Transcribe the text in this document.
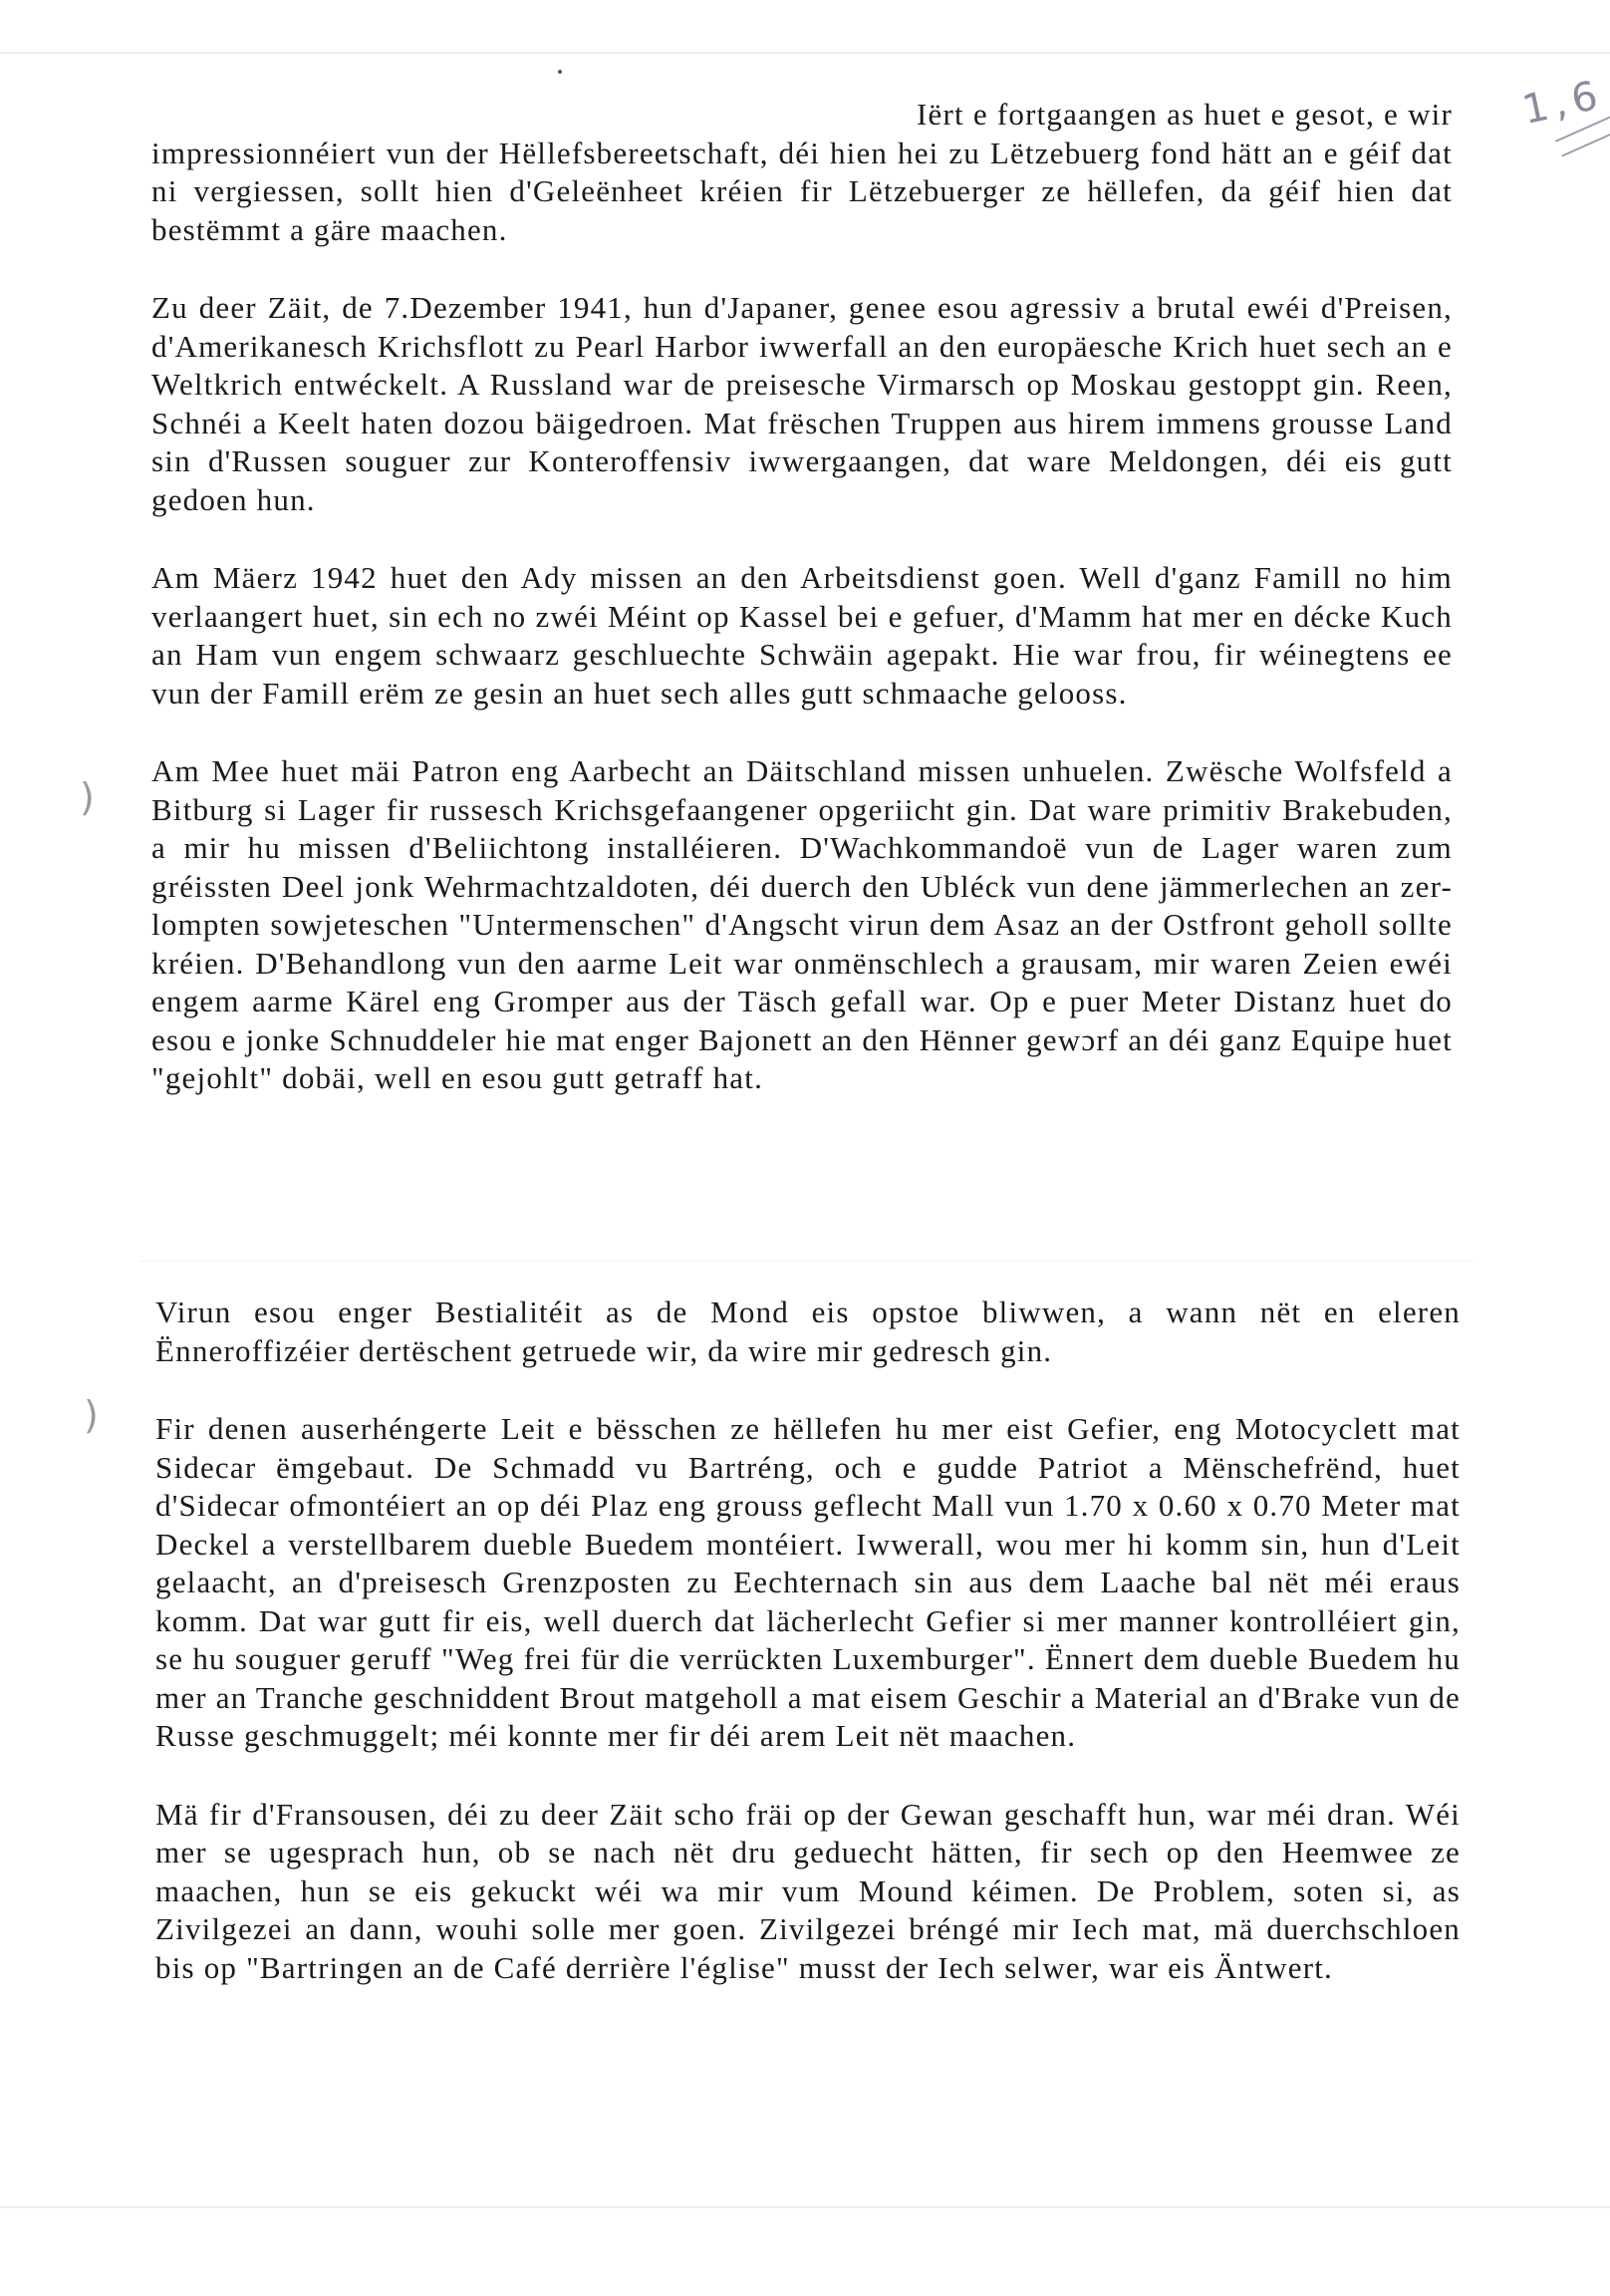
1,6
)
)

Iërt e fortgaangen as huet e gesot, e wir impressionnéiert vun der Hëllefsbereetschaft, déi hien hei zu Lëtzebuerg fond hätt an e géif dat ni vergiessen, sollt hien d'Geleënheet kréien fir Lëtzebuerger ze hëllefen, da géif hien dat bestëmmt a gäre maachen.

Zu deer Zäit, de 7.Dezember 1941, hun d'Japaner, genee esou agressiv a brutal ewéi d'Preisen, d'Amerikanesch Krichsflott zu Pearl Harbor iwwerfall an den europäesche Krich huet sech an e Weltkrich entwéckelt. A Russland war de preisesche Virmarsch op Moskau gestoppt gin. Reen, Schnéi a Keelt haten dozou bäigedroen. Mat frëschen Truppen aus hirem immens grousse Land sin d'Russen souguer zur Konteroffensiv iwwergaangen, dat ware Meldongen, déi eis gutt gedoen hun.

Am Mäerz 1942 huet den Ady missen an den Arbeitsdienst goen. Well d'ganz Famill no him verlaangert huet, sin ech no zwéi Méint op Kassel bei e gefuer, d'Mamm hat mer en décke Kuch an Ham vun engem schwaarz geschluechte Schwäin agepakt. Hie war frou, fir wéinegtens ee vun der Famill erëm ze gesin an huet sech alles gutt schmaache gelooss.

Am Mee huet mäi Patron eng Aarbecht an Däitschland missen unhuelen. Zwësche Wolfsfeld a Bitburg si Lager fir russesch Krichsgefaangener opgeriicht gin. Dat ware primitiv Brakebuden, a mir hu missen d'Beliichtong installéieren. D'Wachkommandoë vun de Lager waren zum gréissten Deel jonk Wehrmachtzaldoten, déi duerch den Ubléck vun dene jämmerlechen an zer-lompten sowjeteschen "Untermenschen" d'Angscht virun dem Asaz an der Ostfront geholl sollte kréien. D'Behandlong vun den aarme Leit war onmënschlech a grausam, mir waren Zeien ewéi engem aarme Kärel eng Gromper aus der Täsch gefall war. Op e puer Meter Distanz huet do esou e jonke Schnuddeler hie mat enger Bajonett an den Hënner gewɔrf an déi ganz Equipe huet "gejohlt" dobäi, well en esou gutt getraff hat.

Virun esou enger Bestialitéit as de Mond eis opstoe bliwwen, a wann nët en eleren Ënneroffizéier dertëschent getruede wir, da wire mir gedresch gin.

Fir denen auserhéngerte Leit e bësschen ze hëllefen hu mer eist Gefier, eng Motocyclett mat Sidecar ëmgebaut. De Schmadd vu Bartréng, och e gudde Patriot a Mënschefrënd, huet d'Sidecar ofmontéiert an op déi Plaz eng grouss geflecht Mall vun 1.70 x 0.60 x 0.70 Meter mat Deckel a verstellbarem dueble Buedem montéiert. Iwwerall, wou mer hi komm sin, hun d'Leit gelaacht, an d'preisesch Grenzposten zu Eechternach sin aus dem Laache bal nët méi eraus komm. Dat war gutt fir eis, well duerch dat lächerlecht Gefier si mer manner kontrolléiert gin, se hu souguer geruff "Weg frei für die verrückten Luxemburger". Ënnert dem dueble Buedem hu mer an Tranche geschniddent Brout matgeholl a mat eisem Geschir a Material an d'Brake vun de Russe geschmuggelt; méi konnte mer fir déi arem Leit nët maachen.

Mä fir d'Fransousen, déi zu deer Zäit scho fräi op der Gewan geschafft hun, war méi dran. Wéi mer se ugesprach hun, ob se nach nët dru geduecht hätten, fir sech op den Heemwee ze maachen, hun se eis gekuckt wéi wa mir vum Mound kéimen. De Problem, soten si, as Zivilgezei an dann, wouhi solle mer goen. Zivilgezei bréngé mir Iech mat, mä duerchschloen bis op "Bartringen an de Café derrière l'église" musst der Iech selwer, war eis Äntwert.
